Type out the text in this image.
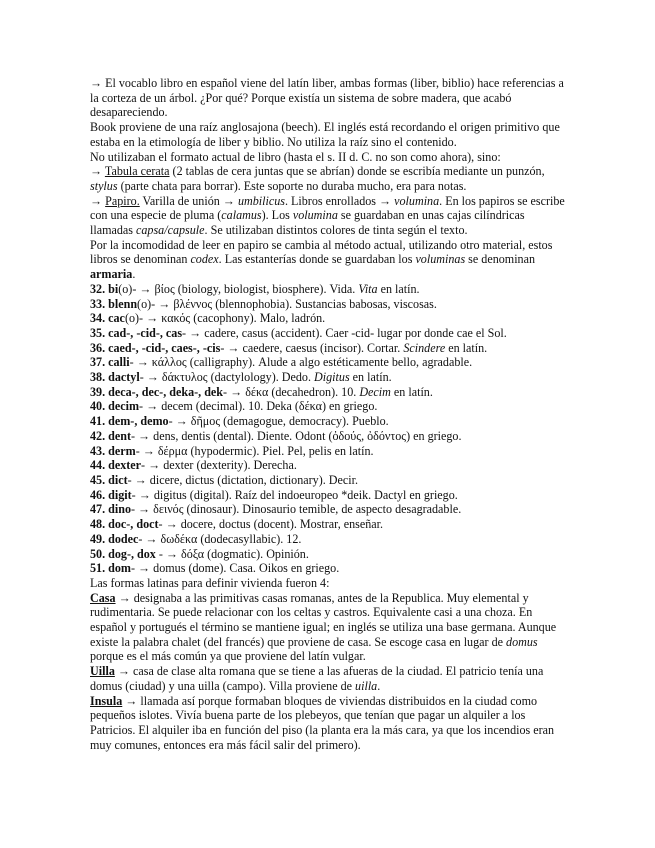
→ El vocablo libro en español viene del latín liber, ambas formas (liber, biblio) hace referencias a la corteza de un árbol. ¿Por qué? Porque existía un sistema de sobre madera, que acabó desapareciendo.

Book proviene de una raíz anglosajona (beech). El inglés está recordando el origen primitivo que estaba en la etimología de liber y biblio. No utiliza la raíz sino el contenido.

No utilizaban el formato actual de libro (hasta el s. II d. C. no son como ahora), sino:

→ Tabula cerata (2 tablas de cera juntas que se abrían) donde se escribía mediante un punzón, stylus (parte chata para borrar). Este soporte no duraba mucho, era para notas.

→ Papiro. Varilla de unión → umbilicus. Libros enrollados → volumina. En los papiros se escribe con una especie de pluma (calamus). Los volumina se guardaban en unas cajas cilíndricas llamadas capsa/capsule. Se utilizaban distintos colores de tinta según el texto.

Por la incomodidad de leer en papiro se cambia al método actual, utilizando otro material, estos libros se denominan codex. Las estanterías donde se guardaban los voluminas se denominan armaria.

32. bi(o)- → βίος (biology, biologist, biosphere). Vida. Vita en latín.

33. blenn(o)- → βλέννος (blennophobia). Sustancias babosas, viscosas.

34. cac(o)- → κακός (cacophony). Malo, ladrón.

35. cad-, -cid-, cas- → cadere, casus (accident). Caer -cid- lugar por donde cae el Sol.

36. caed-, -cid-, caes-, -cis- → caedere, caesus (incisor). Cortar. Scindere en latín.

37. calli- → κάλλος (calligraphy). Alude a algo estéticamente bello, agradable.

38. dactyl- → δάκτυλος (dactylology). Dedo. Digitus en latín.

39. deca-, dec-, deka-, dek- → δέκα (decahedron). 10. Decim en latín.

40. decim- → decem (decimal). 10. Deka (δέκα) en griego.

41. dem-, demo- → δῆμος (demagogue, democracy). Pueblo.

42. dent- → dens, dentis (dental). Diente. Odont (ὀδούς, ὀδόντος) en griego.

43. derm- → δέρμα (hypodermic). Piel. Pel, pelis en latín.

44. dexter- → dexter (dexterity). Derecha.

45. dict- → dicere, dictus (dictation, dictionary). Decir.

46. digit- → digitus (digital). Raíz del indoeuropeo *deik. Dactyl en griego.

47. dino- → δεινός (dinosaur). Dinosaurio temible, de aspecto desagradable.

48. doc-, doct- → docere, doctus (docent). Mostrar, enseñar.

49. dodec- → δωδέκα (dodecasyllabic). 12.

50. dog-, dox - → δόξα (dogmatic). Opinión.

51. dom- → domus (dome). Casa. Oikos en griego.

Las formas latinas para definir vivienda fueron 4:

Casa → designaba a las primitivas casas romanas, antes de la Republica. Muy elemental y rudimentaria. Se puede relacionar con los celtas y castros. Equivalente casi a una choza. En español y portugués el término se mantiene igual; en inglés se utiliza una base germana. Aunque existe la palabra chalet (del francés) que proviene de casa. Se escoge casa en lugar de domus porque es el más común ya que proviene del latín vulgar.

Uilla → casa de clase alta romana que se tiene a las afueras de la ciudad. El patricio tenía una domus (ciudad) y una uilla (campo). Villa proviene de uilla.

Insula → llamada así porque formaban bloques de viviendas distribuidos en la ciudad como pequeños islotes. Vivía buena parte de los plebeyos, que tenían que pagar un alquiler a los Patricios. El alquiler iba en función del piso (la planta era la más cara, ya que los incendios eran muy comunes, entonces era más fácil salir del primero).
